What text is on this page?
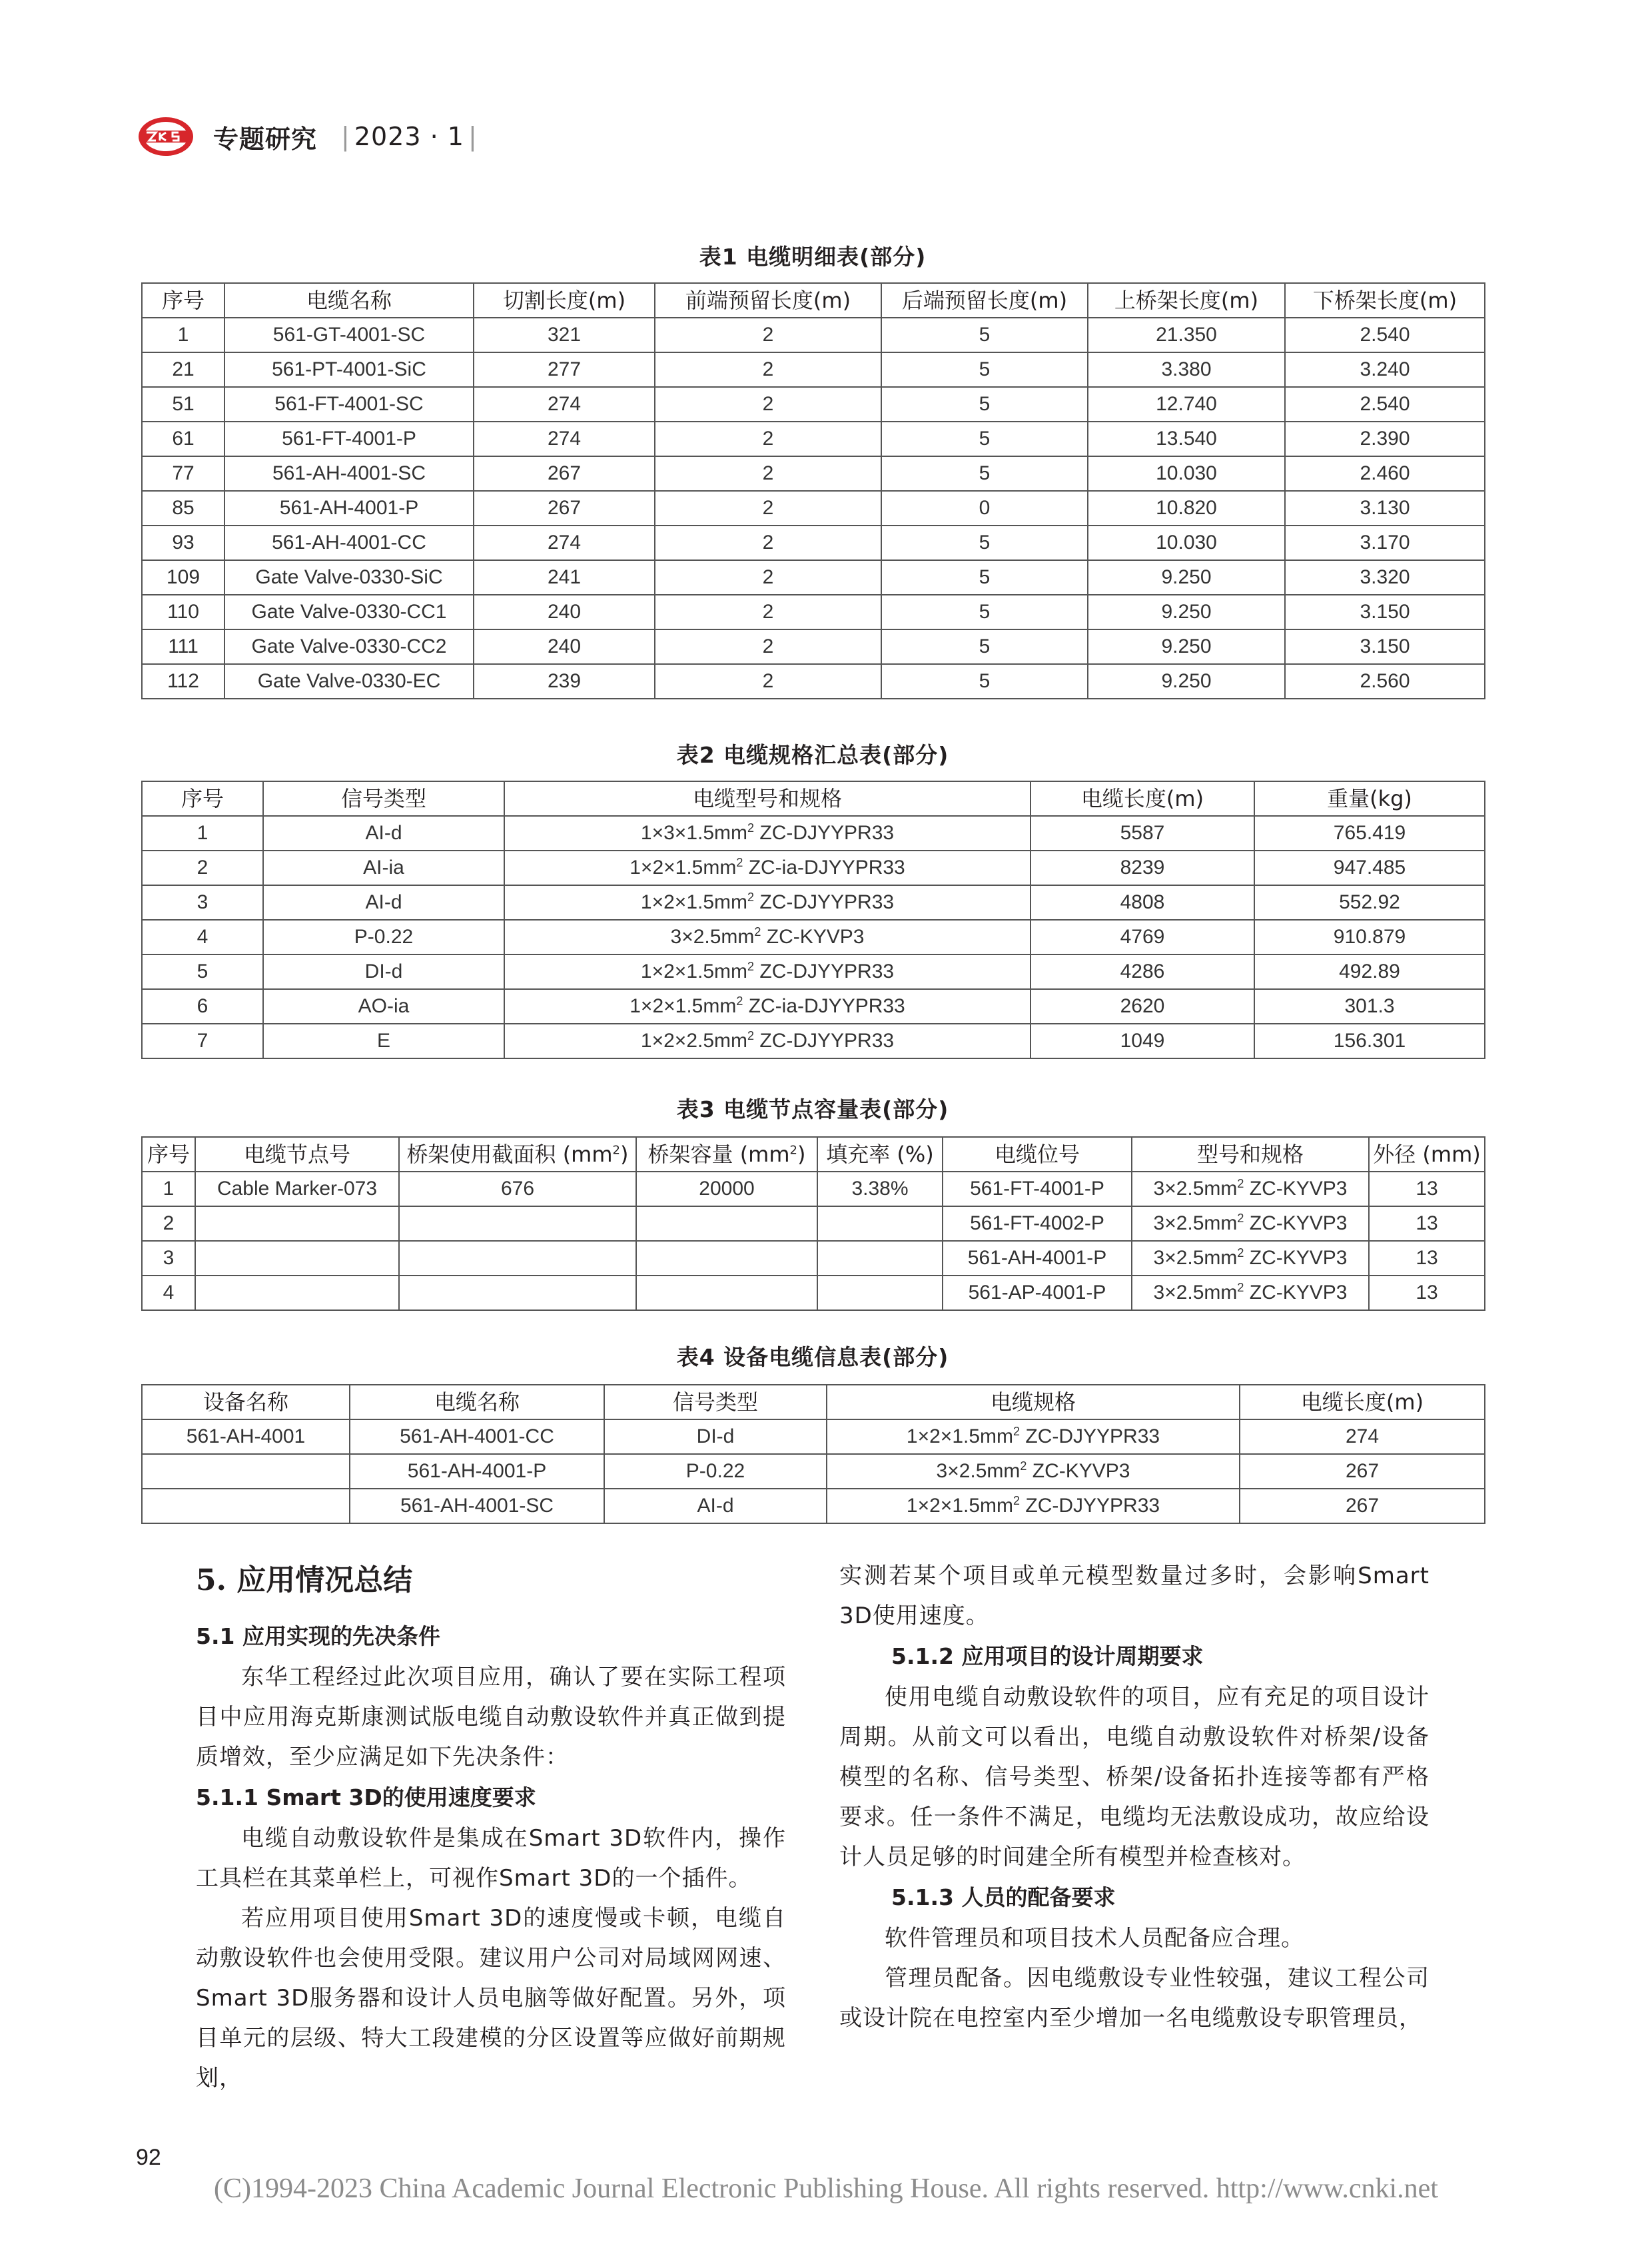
专题研究 | 2023 · 1 |
表1 电缆明细表(部分)
序号	电缆名称	切割长度(m)	前端预留长度(m)	后端预留长度(m)	上桥架长度(m)	下桥架长度(m)
1	561-GT-4001-SC	321	2	5	21.350	2.540
21	561-PT-4001-SiC	277	2	5	3.380	3.240
51	561-FT-4001-SC	274	2	5	12.740	2.540
61	561-FT-4001-P	274	2	5	13.540	2.390
77	561-AH-4001-SC	267	2	5	10.030	2.460
85	561-AH-4001-P	267	2	0	10.820	3.130
93	561-AH-4001-CC	274	2	5	10.030	3.170
109	Gate Valve-0330-SiC	241	2	5	9.250	3.320
110	Gate Valve-0330-CC1	240	2	5	9.250	3.150
111	Gate Valve-0330-CC2	240	2	5	9.250	3.150
112	Gate Valve-0330-EC	239	2	5	9.250	2.560
表2 电缆规格汇总表(部分)
序号	信号类型	电缆型号和规格	电缆长度(m)	重量(kg)
1	AI-d	$1\times 3\times 1.5mm^2$ ZC-DJYYPR33	5587	765.419
2	AI-ia	$1\times 2\times 1.5mm^2$ ZC-ia-DJYYPR33	8239	947.485
3	AI-d	$1\times 2\times 1.5mm^2$ ZC-DJYYPR33	4808	552.92
4	P-0.22	$3\times 2.5mm^2$ ZC-KYVP3	4769	910.879
5	DI-d	$1\times 2\times 1.5mm^2$ ZC-DJYYPR33	4286	492.89
6	AO-ia	$1\times 2\times 1.5mm^2$ ZC-ia-DJYYPR33	2620	301.3
7	E	$1\times 2\times 2.5mm^2$ ZC-DJYYPR33	1049	156.301
表3 电缆节点容量表(部分)
序号	电缆节点号	桥架使用截面积 $(mm^2)$	桥架容量 $(mm^2)$	填充率 (%)	电缆位号	型号和规格	外径 (mm)
1	Cable Marker-073	676	20000	3.38%	561-FT-4001-P	$3\times 2.5mm^2$ ZC-KYVP3	13
2					561-FT-4002-P	$3\times 2.5mm^2$ ZC-KYVP3	13
3					561-AH-4001-P	$3\times 2.5mm^2$ ZC-KYVP3	13
4					561-AP-4001-P	$3\times 2.5mm^2$ ZC-KYVP3	13
表4 设备电缆信息表(部分)
设备名称	电缆名称	信号类型	电缆规格	电缆长度(m)
561-AH-4001	561-AH-4001-CC	DI-d	$1\times 2\times 1.5mm^2$ ZC-DJYYPR33	274
	561-AH-4001-P	P-0.22	$3\times 2.5mm^2$ ZC-KYVP3	267
	561-AH-4001-SC	AI-d	$1\times 2\times 1.5mm^2$ ZC-DJYYPR33	267
5. 应用情况总结
5.1 应用实现的先决条件

东华工程经过此次项目应用，确认了要在实际工程项目中应用海克斯康测试版电缆自动敷设软件并真正做到提质增效，至少应满足如下先决条件：

5.1.1 Smart 3D的使用速度要求

电缆自动敷设软件是集成在Smart 3D软件内，操作工具栏在其菜单栏上，可视作Smart 3D的一个插件。

若应用项目使用Smart 3D的速度慢或卡顿，电缆自动敷设软件也会使用受限。建议用户公司对局域网网速、Smart 3D服务器和设计人员电脑等做好配置。另外，项目单元的层级、特大工段建模的分区设置等应做好前期规划，

实测若某个项目或单元模型数量过多时，会影响Smart 3D使用速度。

5.1.2 应用项目的设计周期要求

使用电缆自动敷设软件的项目，应有充足的项目设计周期。从前文可以看出，电缆自动敷设软件对桥架/设备模型的名称、信号类型、桥架/设备拓扑连接等都有严格要求。任一条件不满足，电缆均无法敷设成功，故应给设计人员足够的时间建全所有模型并检查核对。

5.1.3 人员的配备要求

软件管理员和项目技术人员配备应合理。

管理员配备。因电缆敷设专业性较强，建议工程公司或设计院在电控室内至少增加一名电缆敷设专职管理员，

92
(C)1994-2023 China Academic Journal Electronic Publishing House. All rights reserved. http://www.cnki.net
